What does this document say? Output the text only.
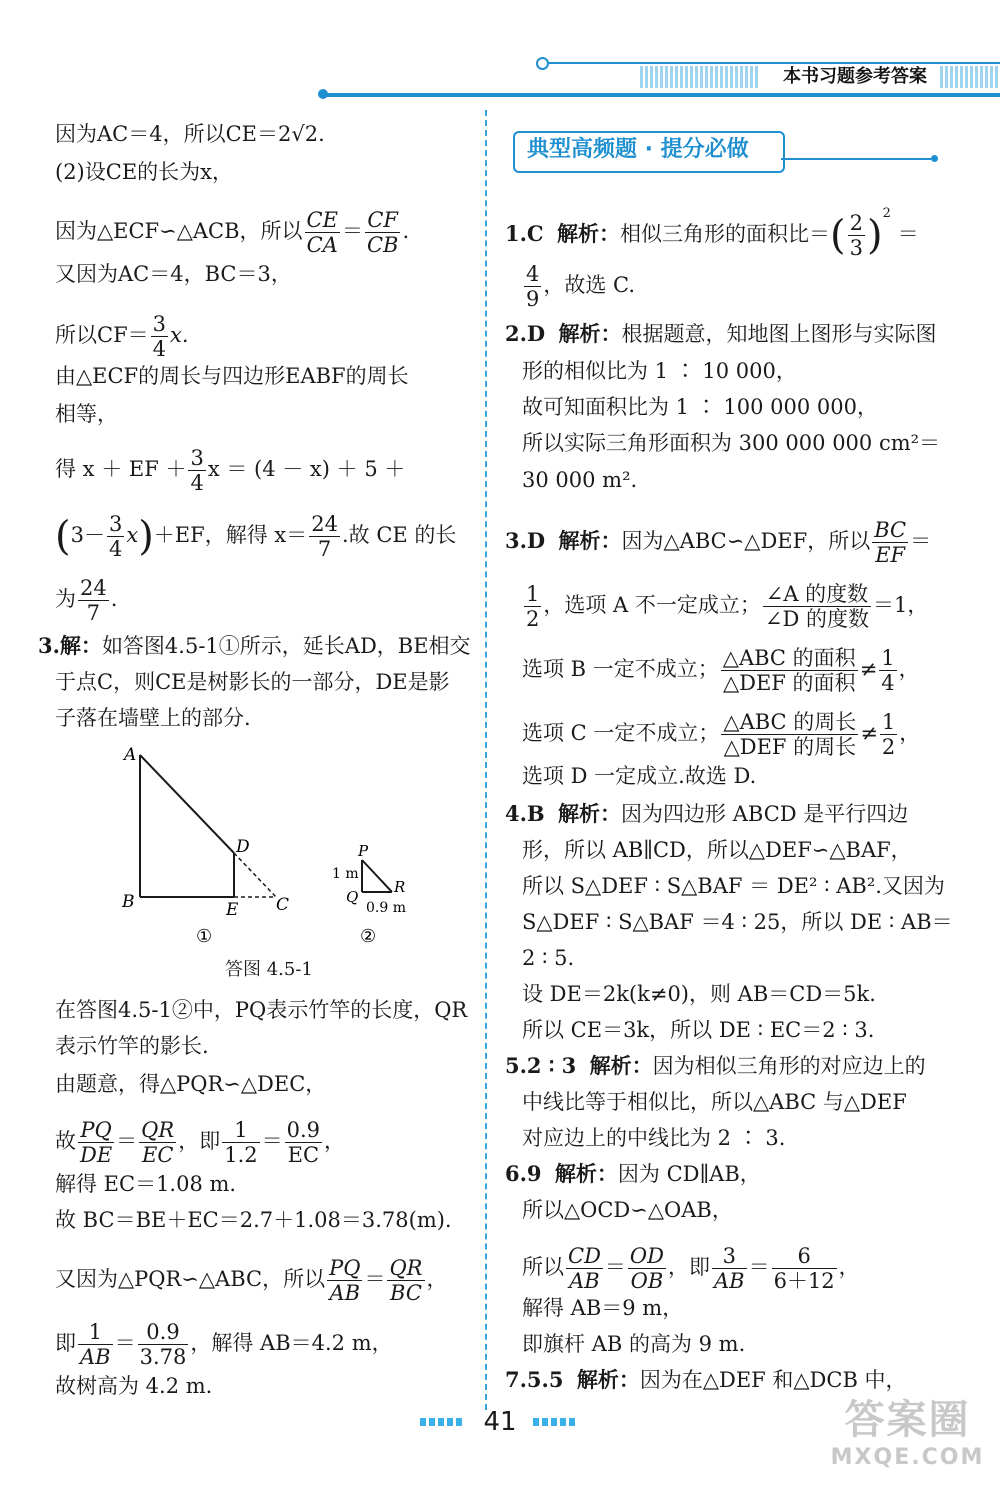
本书习题参考答案
因为AC＝4，所以CE＝2√2.
(2)设CE的长为x，
因为△ECF∽△ACB，所以 $\frac{CE}{CA} = \frac{CF}{CB}$ .
又因为AC＝4，BC＝3，
所以$CF= \frac{3}{4} x$.
由△ECF的周长与四边形EABF的周长
相等，
得 x ＋ EF ＋ $\frac{3}{4}$ x ＝ (4 － x) ＋ 5 ＋
$(3- \frac{3}{4} x)+EF$，解得 $x= \frac{24}{7}$ .故 CE 的长
为 $\frac{24}{7}$ .
3.解：如答图4.5-1①所示，延长AD，BE相交
于点C，则CE是树影长的一部分，DE是影
子落在墙壁上的部分.
A
B
D
E C
P
Q
R
1 m
0.9 m
①	②
答图 4.5-1
在答图4.5-1②中，PQ表示竹竿的长度，QR
表示竹竿的影长.
由题意，得△PQR∽△DEC，
故 $\frac{PQ}{DE} = \frac{QR}{EC}$ ，即 $\frac{1}{1.2} = \frac{0.9}{EC}$ ，
解得 EC＝1.08 m.
故 BC＝BE＋EC＝2.7＋1.08＝3.78(m).
又因为△PQR∽△ABC，所以 $\frac{PQ}{AB} = \frac{QR}{BC}$ ，
即 $\frac{1}{AB} = \frac{0.9}{3.78}$ ，解得 AB＝4.2 m，
故树高为 4.2 m.
典型高频题 · 提分必做
1.C 解析：相似三角形的面积比＝( $\frac{2}{3} )^2$ ＝
$\frac{4}{9}$ ，故选 C.
2.D 解析：根据题意，知地图上图形与实际图
形的相似比为 1 ∶ 10 000，
故可知面积比为 1 ∶ 100 000 000，
所以实际三角形面积为 300 000 000 cm²＝
30 000 m².
3.D 解析：因为△ABC∽△DEF，所以 $\frac{BC}{EF}$ ＝
$\frac{1}{2}$ ，选项 A 不一定成立； $\frac{\text{∠A 的度数}}{\text{∠D 的度数}} =1$，
选项 B 一定不成立； $\frac{\text{△ABC 的面积}}{\text{△DEF 的面积}} \ne \frac{1}{4}$ ，
选项 C 一定不成立； $\frac{\text{△ABC 的周长}}{\text{△DEF 的周长}} \ne \frac{1}{2}$ ，
选项 D 一定成立.故选 D.
4.B 解析：因为四边形 ABCD 是平行四边
形，所以 AB∥CD，所以△DEF∽△BAF，
所以 S△DEF ∶ S△BAF ＝ DE² ∶ AB².又因为
S△DEF ∶ S△BAF ＝4 ∶ 25，所以 DE ∶ AB＝
2 ∶ 5.
设 DE＝2k(k≠0)，则 AB＝CD＝5k.
所以 CE＝3k，所以 DE ∶ EC＝2 ∶ 3.
5.2 ∶ 3 解析：因为相似三角形的对应边上的
中线比等于相似比，所以△ABC 与△DEF
对应边上的中线比为 2 ∶ 3.
6.9 解析：因为 CD∥AB，
所以△OCD∽△OAB，
所以 $\frac{CD}{AB} = \frac{OD}{OB}$ ，即 $\frac{3}{AB} = \frac{6}{6+12}$ ，
解得 AB＝9 m，
即旗杆 AB 的高为 9 m.
7.5.5 解析：因为在△DEF 和△DCB 中，
41	答案圈
MXQE.COM
